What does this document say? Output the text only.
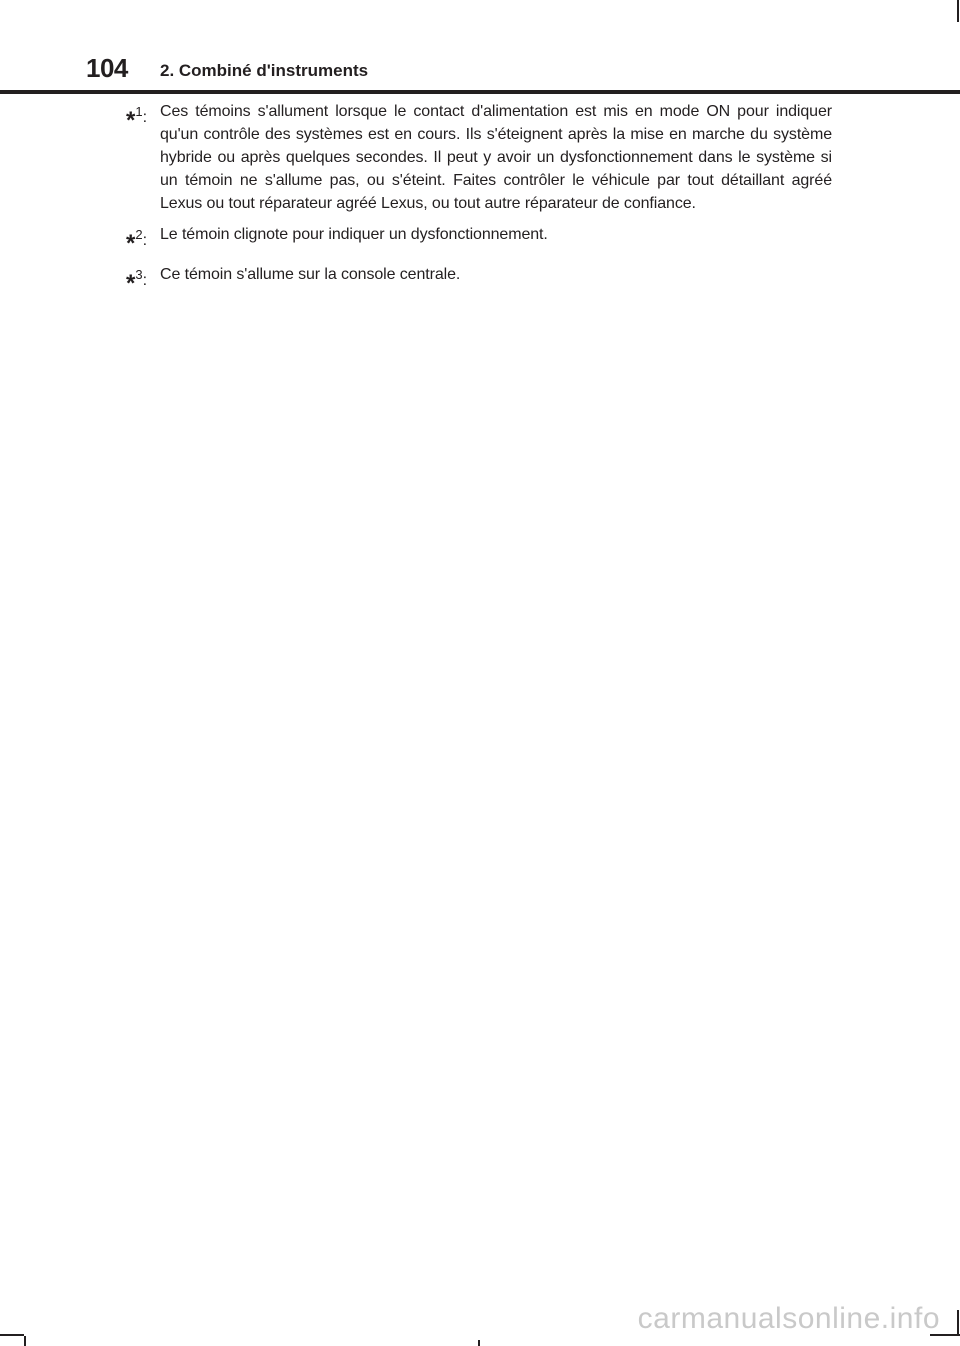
104 2. Combiné d'instruments
*$^1$: Ces témoins s'allument lorsque le contact d'alimentation est mis en mode ON pour indiquer qu'un contrôle des systèmes est en cours. Ils s'éteignent après la mise en marche du système hybride ou après quelques secondes. Il peut y avoir un dysfonctionnement dans le système si un témoin ne s'allume pas, ou s'éteint. Faites contrôler le véhicule par tout détaillant agréé Lexus ou tout réparateur agréé Lexus, ou tout autre réparateur de confiance.
*$^2$: Le témoin clignote pour indiquer un dysfonctionnement.
*$^3$: Ce témoin s'allume sur la console centrale.
carmanualsonline.info
